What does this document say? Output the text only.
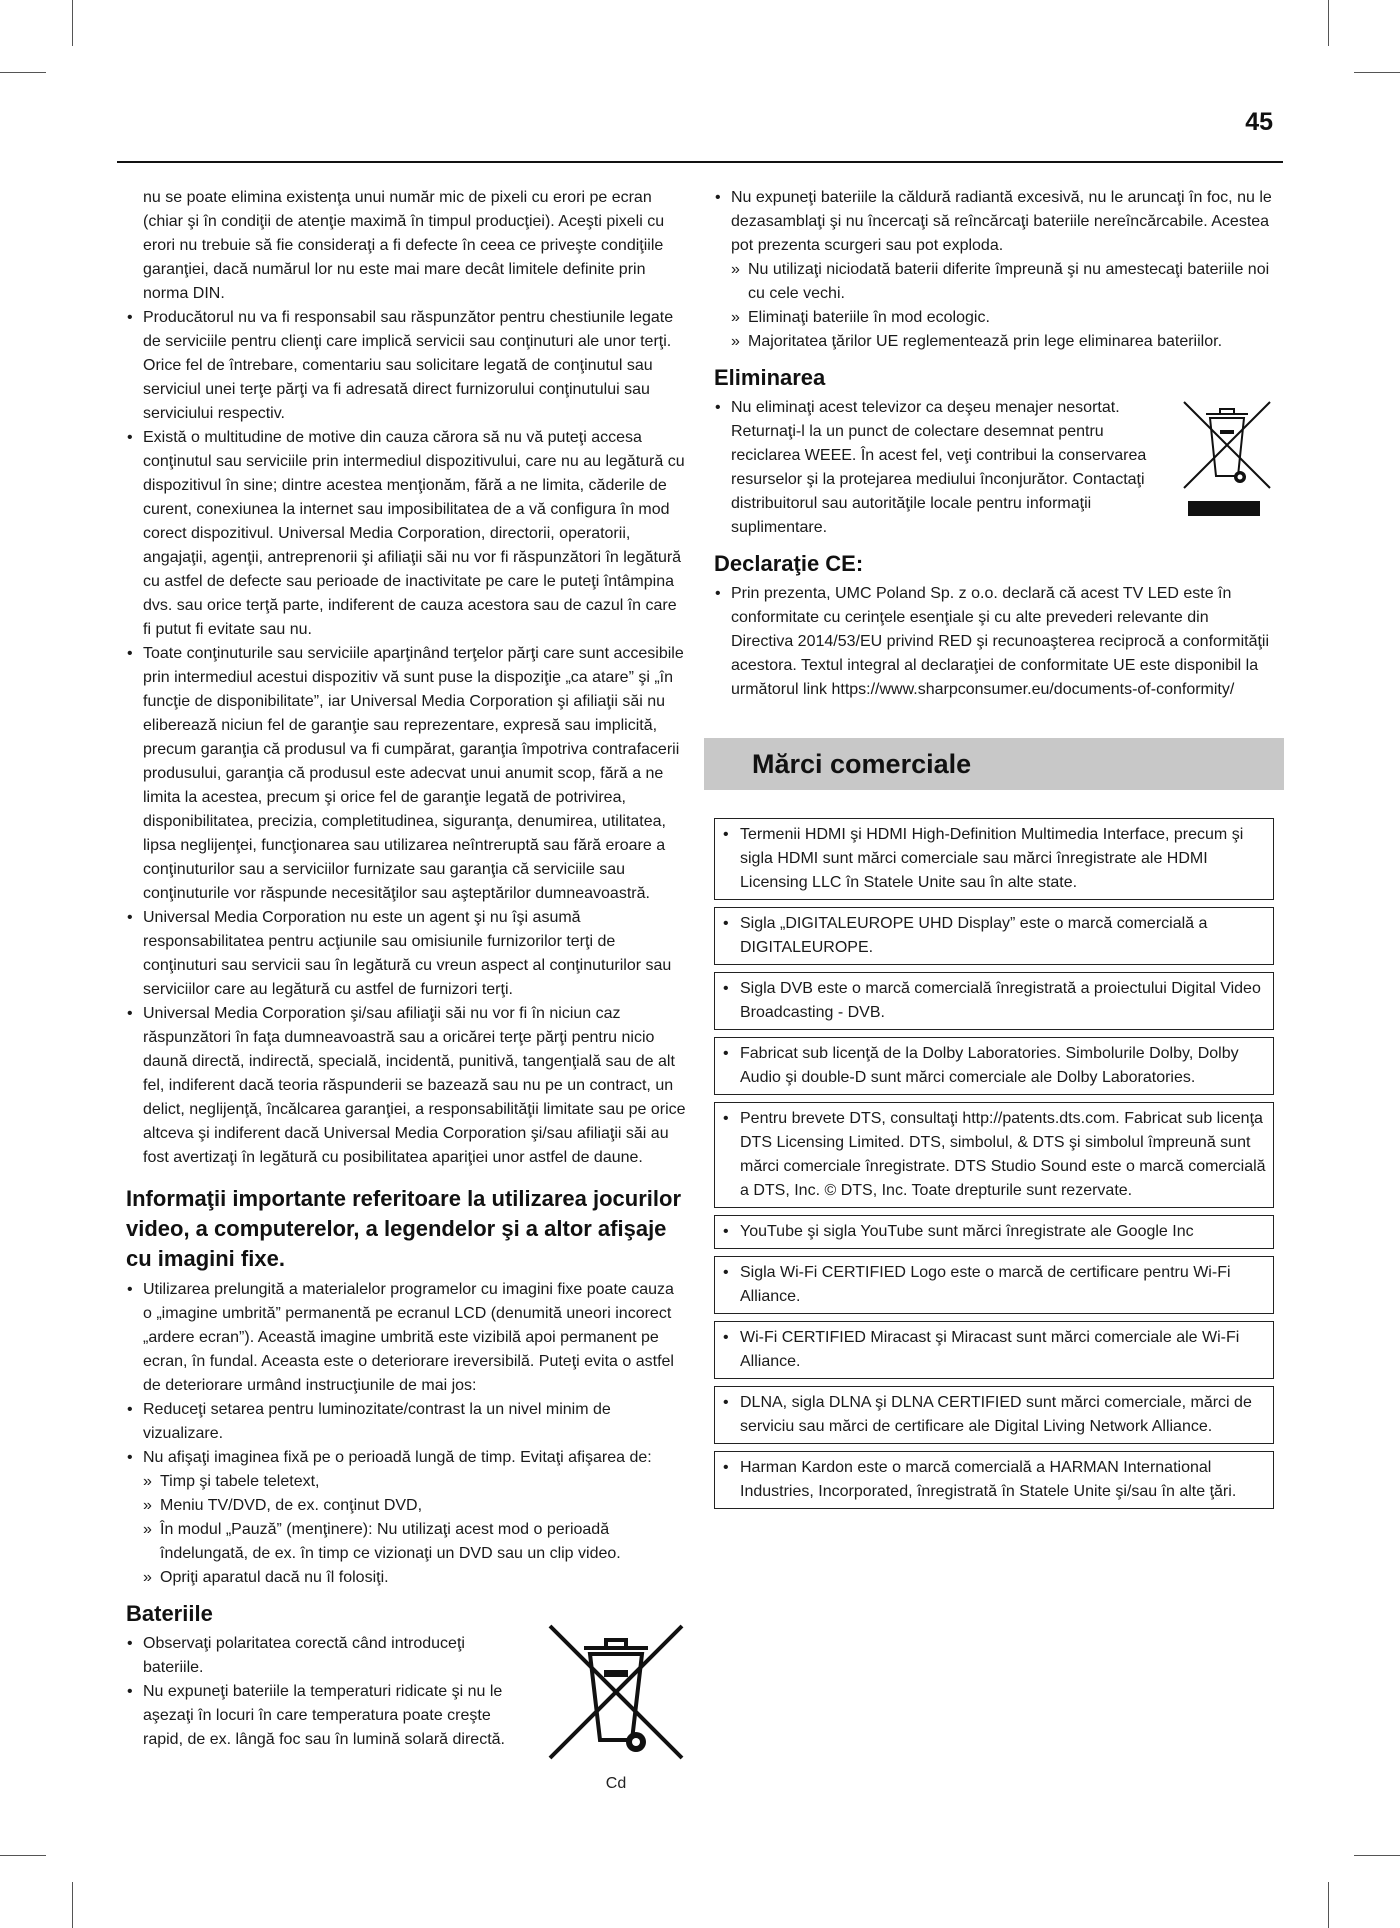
45

nu se poate elimina existenţa unui număr mic de pixeli cu erori pe ecran (chiar şi în condiţii de atenţie maximă în timpul producţiei). Aceşti pixeli cu erori nu trebuie să fie consideraţi a fi defecte în ceea ce priveşte condiţiile garanţiei, dacă numărul lor nu este mai mare decât limitele definite prin norma DIN.

• Producătorul nu va fi responsabil sau răspunzător pentru chestiunile legate de serviciile pentru clienţi care implică servicii sau conţinuturi ale unor terţi. Orice fel de întrebare, comentariu sau solicitare legată de conţinutul sau serviciul unei terţe părţi va fi adresată direct furnizorului conţinutului sau serviciului respectiv.
• Există o multitudine de motive din cauza cărora să nu vă puteţi accesa conţinutul sau serviciile prin intermediul dispozitivului, care nu au legătură cu dispozitivul în sine; dintre acestea menţionăm, fără a ne limita, căderile de curent, conexiunea la internet sau imposibilitatea de a vă configura în mod corect dispozitivul. Universal Media Corporation, directorii, operatorii, angajaţii, agenţii, antreprenorii şi afiliaţii săi nu vor fi răspunzători în legătură cu astfel de defecte sau perioade de inactivitate pe care le puteţi întâmpina dvs. sau orice terţă parte, indiferent de cauza acestora sau de cazul în care fi putut fi evitate sau nu.
• Toate conţinuturile sau serviciile aparţinând terţelor părţi care sunt accesibile prin intermediul acestui dispozitiv vă sunt puse la dispoziţie „ca atare” şi „în funcţie de disponibilitate”, iar Universal Media Corporation şi afiliaţii săi nu eliberează niciun fel de garanţie sau reprezentare, expresă sau implicită, precum garanţia că produsul va fi cumpărat, garanţia împotriva contrafacerii produsului, garanţia că produsul este adecvat unui anumit scop, fără a ne limita la acestea, precum şi orice fel de garanţie legată de potrivirea, disponibilitatea, precizia, completitudinea, siguranţa, denumirea, utilitatea, lipsa neglijenţei, funcţionarea sau utilizarea neîntreruptă sau fără eroare a conţinuturilor sau a serviciilor furnizate sau garanţia că serviciile sau conţinuturile vor răspunde necesităţilor sau aşteptărilor dumneavoastră.
• Universal Media Corporation nu este un agent şi nu îşi asumă responsabilitatea pentru acţiunile sau omisiunile furnizorilor terţi de conţinuturi sau servicii sau în legătură cu vreun aspect al conţinuturilor sau serviciilor care au legătură cu astfel de furnizori terţi.
• Universal Media Corporation şi/sau afiliaţii săi nu vor fi în niciun caz răspunzători în faţa dumneavoastră sau a oricărei terţe părţi pentru nicio daună directă, indirectă, specială, incidentă, punitivă, tangenţială sau de alt fel, indiferent dacă teoria răspunderii se bazează sau nu pe un contract, un delict, neglijenţă, încălcarea garanţiei, a responsabilităţii limitate sau pe orice altceva şi indiferent dacă Universal Media Corporation şi/sau afiliaţii săi au fost avertizaţi în legătură cu posibilitatea apariţiei unor astfel de daune.
Informaţii importante referitoare la utilizarea jocurilor video, a computerelor, a legendelor şi a altor afişaje cu imagini fixe.
• Utilizarea prelungită a materialelor programelor cu imagini fixe poate cauza o „imagine umbrită” permanentă pe ecranul LCD (denumită uneori incorect „ardere ecran”). Această imagine umbrită este vizibilă apoi permanent pe ecran, în fundal. Aceasta este o deteriorare ireversibilă. Puteţi evita o astfel de deteriorare urmând instrucţiunile de mai jos:
• Reduceţi setarea pentru luminozitate/contrast la un nivel minim de vizualizare.
• Nu afişaţi imaginea fixă pe o perioadă lungă de timp. Evitaţi afişarea de:
» Timp şi tabele teletext,
» Meniu TV/DVD, de ex. conţinut DVD,
» În modul „Pauză” (menţinere): Nu utilizaţi acest mod o perioadă îndelungată, de ex. în timp ce vizionaţi un DVD sau un clip video.
» Opriţi aparatul dacă nu îl folosiţi.
Bateriile
• Observaţi polaritatea corectă când introduceţi bateriile.
• Nu expuneţi bateriile la temperaturi ridicate şi nu le aşezaţi în locuri în care temperatura poate creşte rapid, de ex. lângă foc sau în lumină solară directă.
Cd
• Nu expuneţi bateriile la căldură radiantă excesivă, nu le aruncaţi în foc, nu le dezasamblaţi şi nu încercaţi să reîncărcaţi bateriile nereîncărcabile. Acestea pot prezenta scurgeri sau pot exploda.
» Nu utilizaţi niciodată baterii diferite împreună şi nu amestecaţi bateriile noi cu cele vechi.
» Eliminaţi bateriile în mod ecologic.
» Majoritatea ţărilor UE reglementează prin lege eliminarea bateriilor.
Eliminarea
• Nu eliminaţi acest televizor ca deşeu menajer nesortat. Returnaţi-l la un punct de colectare desemnat pentru reciclarea WEEE. În acest fel, veţi contribui la conservarea resurselor şi la protejarea mediului înconjurător. Contactaţi distribuitorul sau autorităţile locale pentru informaţii suplimentare.
Declaraţie CE:
• Prin prezenta, UMC Poland Sp. z o.o. declară că acest TV LED este în conformitate cu cerinţele esenţiale şi cu alte prevederi relevante din Directiva 2014/53/EU privind RED şi recunoaşterea reciprocă a conformităţii acestora. Textul integral al declaraţiei de conformitate UE este disponibil la următorul link https://www.sharpconsumer.eu/documents-of-conformity/
Mărci comerciale
• Termenii HDMI şi HDMI High-Definition Multimedia Interface, precum şi sigla HDMI sunt mărci comerciale sau mărci înregistrate ale HDMI Licensing LLC în Statele Unite sau în alte state.
• Sigla „DIGITALEUROPE UHD Display” este o marcă comercială a DIGITALEUROPE.
• Sigla DVB este o marcă comercială înregistrată a proiectului Digital Video Broadcasting - DVB.
• Fabricat sub licenţă de la Dolby Laboratories. Simbolurile Dolby, Dolby Audio şi double-D sunt mărci comerciale ale Dolby Laboratories.
• Pentru brevete DTS, consultaţi http://patents.dts.com. Fabricat sub licenţa DTS Licensing Limited. DTS, simbolul, & DTS şi simbolul împreună sunt mărci comerciale înregistrate. DTS Studio Sound este o marcă comercială a DTS, Inc. © DTS, Inc. Toate drepturile sunt rezervate.
• YouTube şi sigla YouTube sunt mărci înregistrate ale Google Inc
• Sigla Wi-Fi CERTIFIED Logo este o marcă de certificare pentru Wi-Fi Alliance.
• Wi-Fi CERTIFIED Miracast şi Miracast sunt mărci comerciale ale Wi-Fi Alliance.
• DLNA, sigla DLNA şi DLNA CERTIFIED sunt mărci comerciale, mărci de serviciu sau mărci de certificare ale Digital Living Network Alliance.
• Harman Kardon este o marcă comercială a HARMAN International Industries, Incorporated, înregistrată în Statele Unite şi/sau în alte ţări.
